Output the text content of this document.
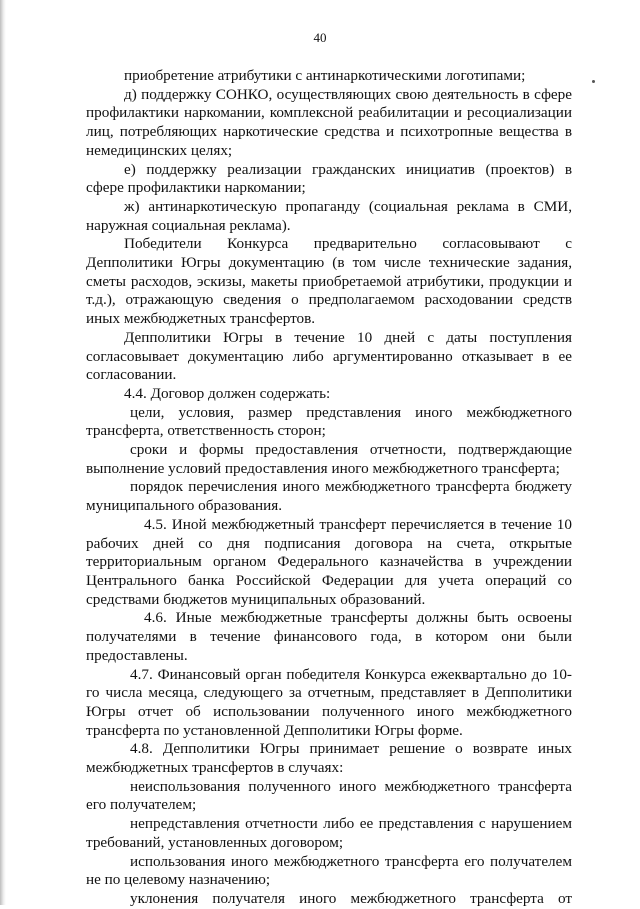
40

приобретение атрибутики с антинаркотическими логотипами;

д) поддержку СОНКО, осуществляющих свою деятельность в сфере профилактики наркомании, комплексной реабилитации и ресоциализации лиц, потребляющих наркотические средства и психотропные вещества в немедицинских целях;

е) поддержку реализации гражданских инициатив (проектов) в сфере профилактики наркомании;

ж) антинаркотическую пропаганду (социальная реклама в СМИ, наружная социальная реклама).

Победители Конкурса предварительно согласовывают с Депполитики Югры документацию (в том числе технические задания, сметы расходов, эскизы, макеты приобретаемой атрибутики, продукции и т.д.), отражающую сведения о предполагаемом расходовании средств иных межбюджетных трансфертов.

Депполитики Югры в течение 10 дней с даты поступления согласовывает документацию либо аргументированно отказывает в ее согласовании.

4.4. Договор должен содержать:

цели, условия, размер представления иного межбюджетного трансферта, ответственность сторон;

сроки и формы предоставления отчетности, подтверждающие выполнение условий предоставления иного межбюджетного трансферта;

порядок перечисления иного межбюджетного трансферта бюджету муниципального образования.

4.5. Иной межбюджетный трансферт перечисляется в течение 10 рабочих дней со дня подписания договора на счета, открытые территориальным органом Федерального казначейства в учреждении Центрального банка Российской Федерации для учета операций со средствами бюджетов муниципальных образований.

4.6. Иные межбюджетные трансферты должны быть освоены получателями в течение финансового года, в котором они были предоставлены.

4.7. Финансовый орган победителя Конкурса ежеквартально до 10-го числа месяца, следующего за отчетным, представляет в Депполитики Югры отчет об использовании полученного иного межбюджетного трансферта по установленной Депполитики Югры форме.

4.8. Депполитики Югры принимает решение о возврате иных межбюджетных трансфертов в случаях:

неиспользования полученного иного межбюджетного трансферта его получателем;

непредставления отчетности либо ее представления с нарушением требований, установленных договором;

использования иного межбюджетного трансферта его получателем не по целевому назначению;

уклонения получателя иного межбюджетного трансферта от
